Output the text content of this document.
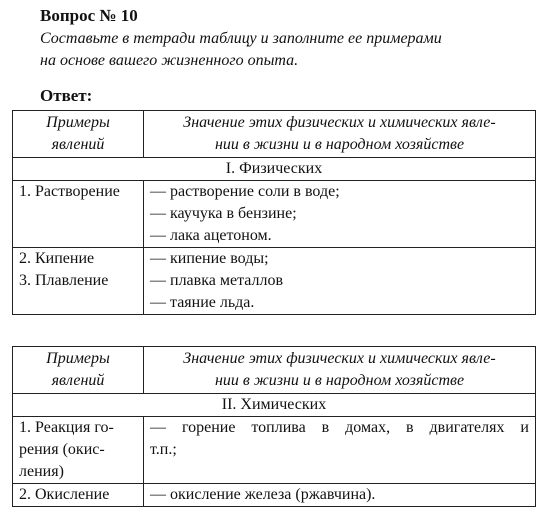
Вопрос № 10
Составьте в тетради таблицу и заполните ее примерами
на основе вашего жизненного опыта.
Ответ:
Примеры
явлений	Значение этих физических и химических явле-
нии в жизни и в народном хозяйстве

I. Физических	

1. Растворение	— растворение соли в воде;
— каучука в бензине;
— лака ацетоном.

2. Кипение
3. Плавление	— кипение воды;
— плавка металлов
— таяние льда.
Примеры
явлений	Значение этих физических и химических явле-
нии в жизни и в народном хозяйстве

II. Химических	

1. Реакция го-
рения (окис-
ления)	— горение топлива в домах, в двигателях и
т.п.;

2. Окисление	— окисление железа (ржавчина).
